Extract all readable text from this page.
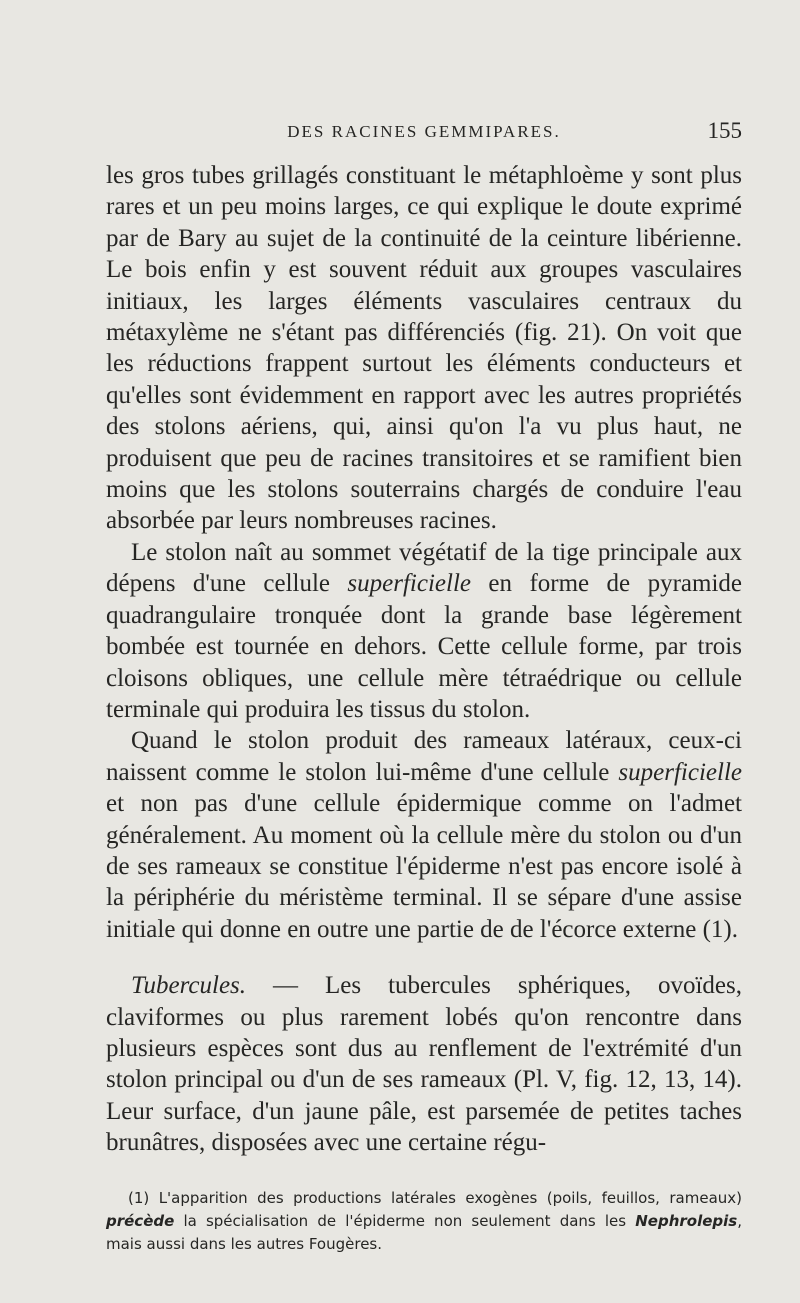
DES RACINES GEMMIPARES.	155

les gros tubes grillagés constituant le métaphloème y sont plus rares et un peu moins larges, ce qui explique le doute exprimé par de Bary au sujet de la continuité de la ceinture libérienne. Le bois enfin y est souvent réduit aux groupes vasculaires initiaux, les larges éléments vasculaires centraux du métaxylème ne s'étant pas différenciés (fig. 21). On voit que les réductions frappent surtout les éléments conducteurs et qu'elles sont évidemment en rapport avec les autres propriétés des stolons aériens, qui, ainsi qu'on l'a vu plus haut, ne produisent que peu de racines transitoires et se ramifient bien moins que les stolons souterrains chargés de conduire l'eau absorbée par leurs nombreuses racines.

Le stolon naît au sommet végétatif de la tige principale aux dépens d'une cellule superficielle en forme de pyramide quadrangulaire tronquée dont la grande base légèrement bombée est tournée en dehors. Cette cellule forme, par trois cloisons obliques, une cellule mère tétraédrique ou cellule terminale qui produira les tissus du stolon.

Quand le stolon produit des rameaux latéraux, ceux-ci naissent comme le stolon lui-même d'une cellule superficielle et non pas d'une cellule épidermique comme on l'admet généralement. Au moment où la cellule mère du stolon ou d'un de ses rameaux se constitue l'épiderme n'est pas encore isolé à la périphérie du méristème terminal. Il se sépare d'une assise initiale qui donne en outre une partie de de l'écorce externe (1).

Tubercules. — Les tubercules sphériques, ovoïdes, claviformes ou plus rarement lobés qu'on rencontre dans plusieurs espèces sont dus au renflement de l'extrémité d'un stolon principal ou d'un de ses rameaux (Pl. V, fig. 12, 13, 14). Leur surface, d'un jaune pâle, est parsemée de petites taches brunâtres, disposées avec une certaine régu-

(1) L'apparition des productions latérales exogènes (poils, feuillos, rameaux) précède la spécialisation de l'épiderme non seulement dans les Nephrolepis, mais aussi dans les autres Fougères.
